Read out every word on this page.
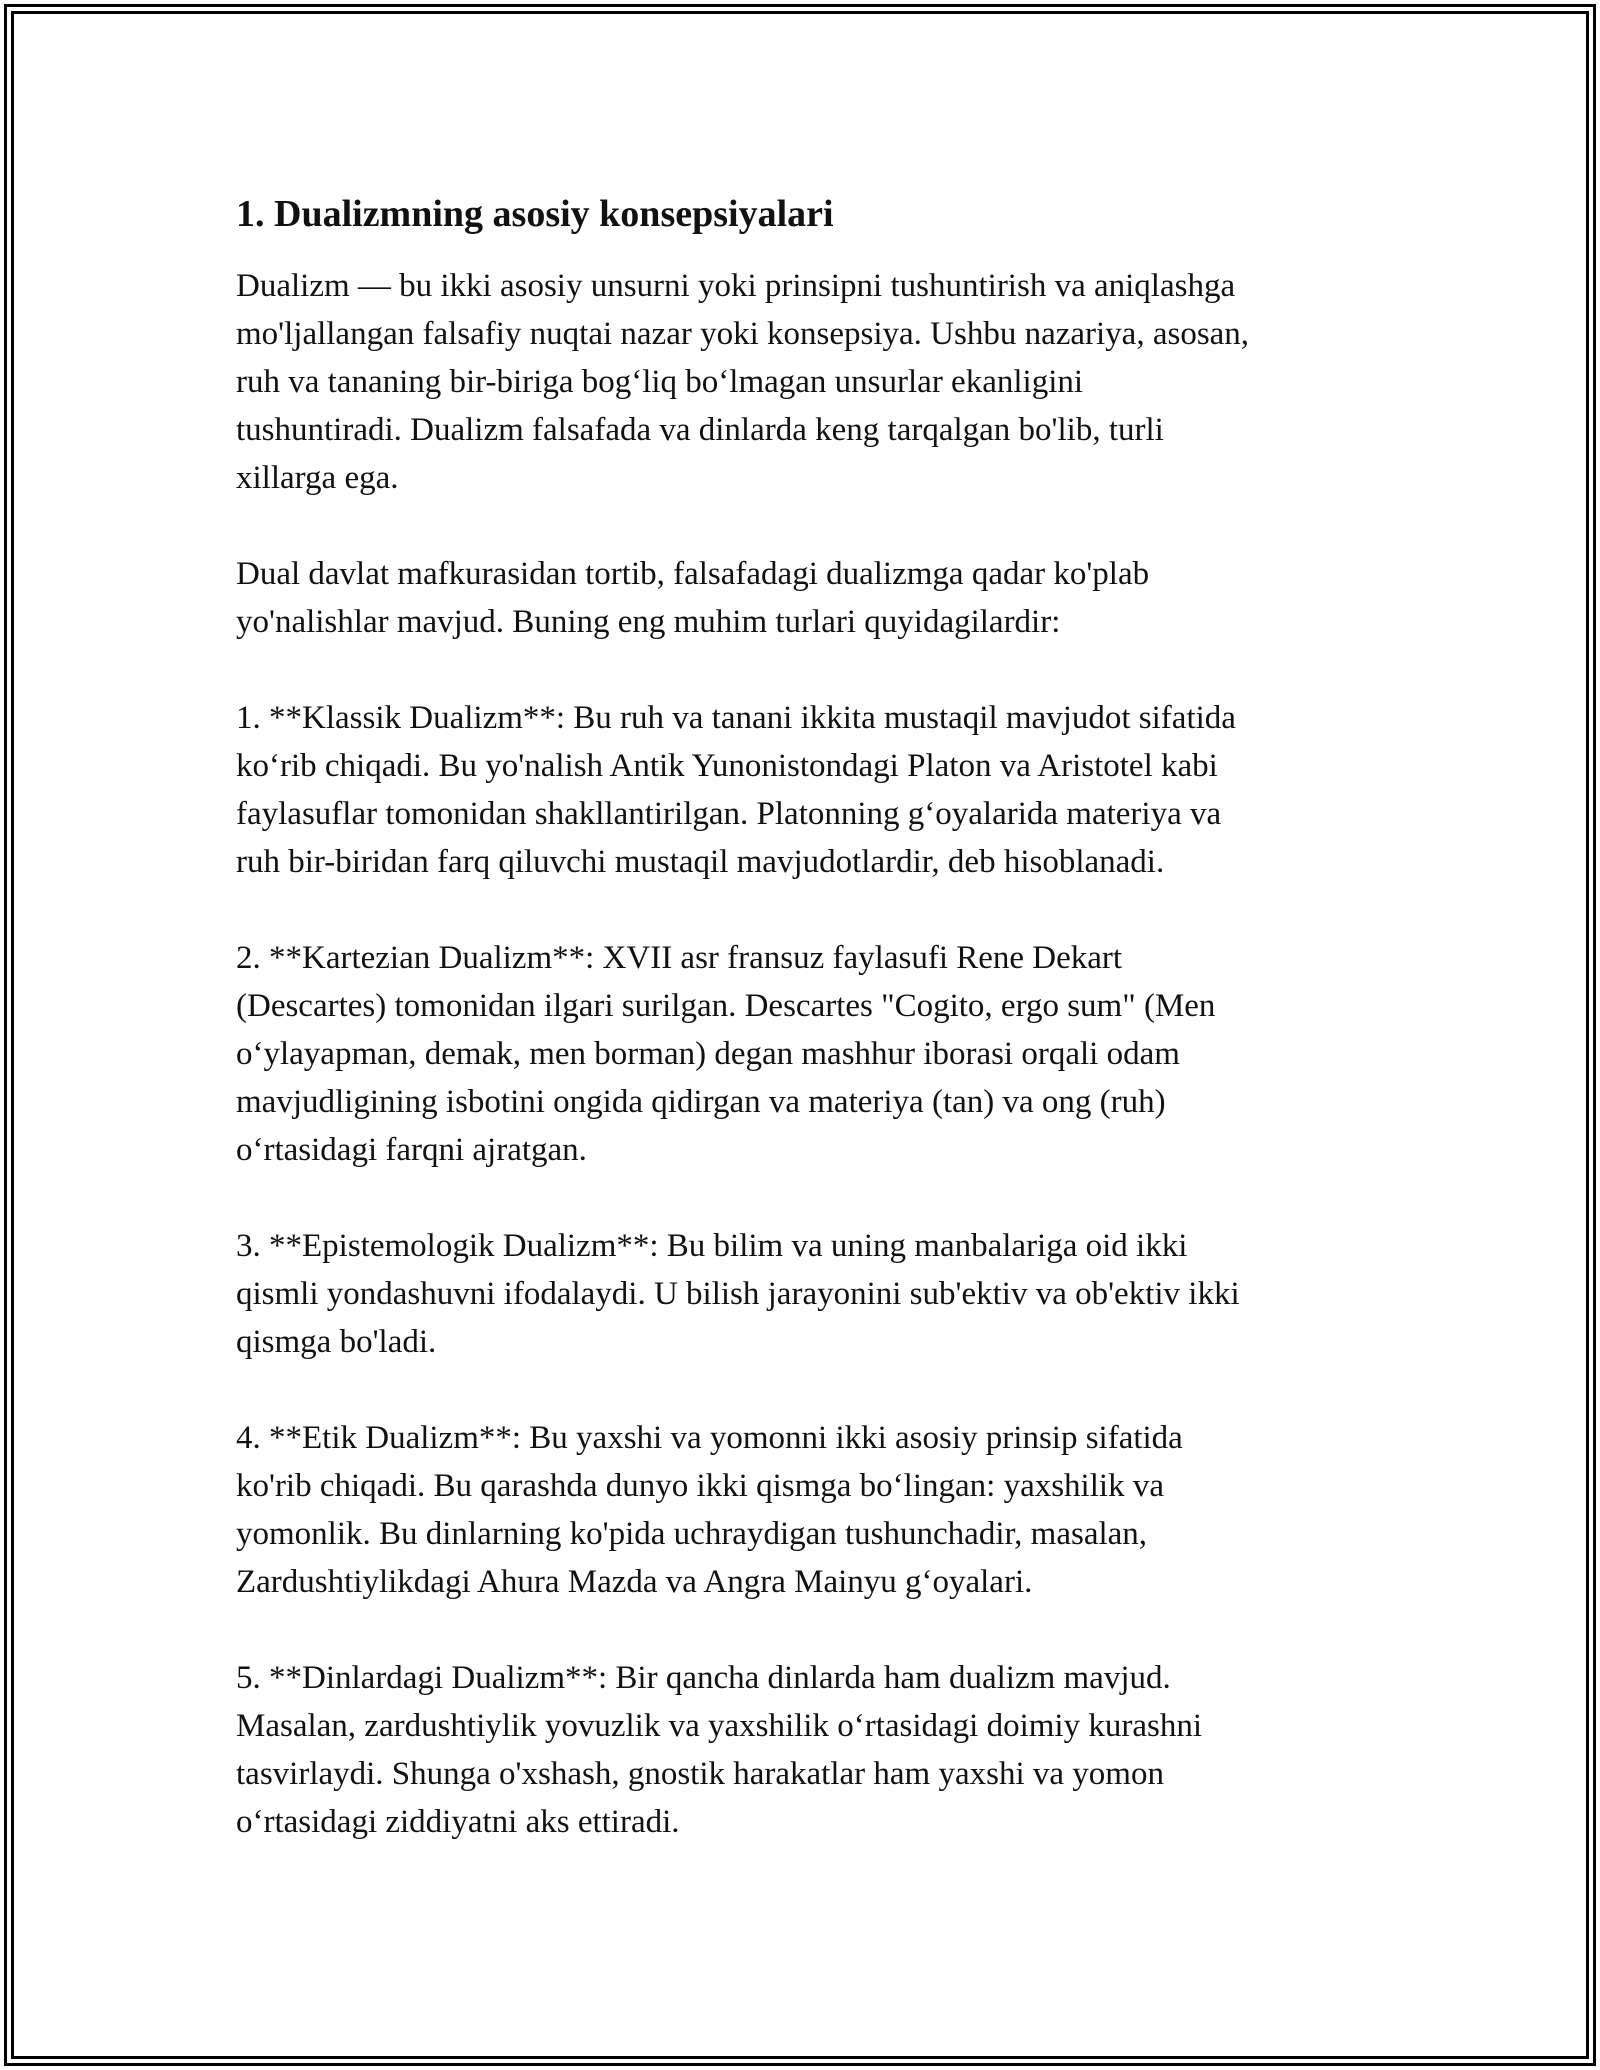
1. Dualizmning asosiy konsepsiyalari

Dualizm — bu ikki asosiy unsurni yoki prinsipni tushuntirish va aniqlashga
mo'ljallangan falsafiy nuqtai nazar yoki konsepsiya. Ushbu nazariya, asosan,
ruh va tananing bir-biriga bog‘liq bo‘lmagan unsurlar ekanligini
tushuntiradi. Dualizm falsafada va dinlarda keng tarqalgan bo'lib, turli
xillarga ega.

Dual davlat mafkurasidan tortib, falsafadagi dualizmga qadar ko'plab
yo'nalishlar mavjud. Buning eng muhim turlari quyidagilardir:

1. **Klassik Dualizm**: Bu ruh va tanani ikkita mustaqil mavjudot sifatida
ko‘rib chiqadi. Bu yo'nalish Antik Yunonistondagi Platon va Aristotel kabi
faylasuflar tomonidan shakllantirilgan. Platonning g‘oyalarida materiya va
ruh bir-biridan farq qiluvchi mustaqil mavjudotlardir, deb hisoblanadi.

2. **Kartezian Dualizm**: XVII asr fransuz faylasufi Rene Dekart
(Descartes) tomonidan ilgari surilgan. Descartes "Cogito, ergo sum" (Men
o‘ylayapman, demak, men borman) degan mashhur iborasi orqali odam
mavjudligining isbotini ongida qidirgan va materiya (tan) va ong (ruh)
o‘rtasidagi farqni ajratgan.

3. **Epistemologik Dualizm**: Bu bilim va uning manbalariga oid ikki
qismli yondashuvni ifodalaydi. U bilish jarayonini sub'ektiv va ob'ektiv ikki
qismga bo'ladi.

4. **Etik Dualizm**: Bu yaxshi va yomonni ikki asosiy prinsip sifatida
ko'rib chiqadi. Bu qarashda dunyo ikki qismga bo‘lingan: yaxshilik va
yomonlik. Bu dinlarning ko'pida uchraydigan tushunchadir, masalan,
Zardushtiylikdagi Ahura Mazda va Angra Mainyu g‘oyalari.

5. **Dinlardagi Dualizm**: Bir qancha dinlarda ham dualizm mavjud.
Masalan, zardushtiylik yovuzlik va yaxshilik o‘rtasidagi doimiy kurashni
tasvirlaydi. Shunga o'xshash, gnostik harakatlar ham yaxshi va yomon
o‘rtasidagi ziddiyatni aks ettiradi.
